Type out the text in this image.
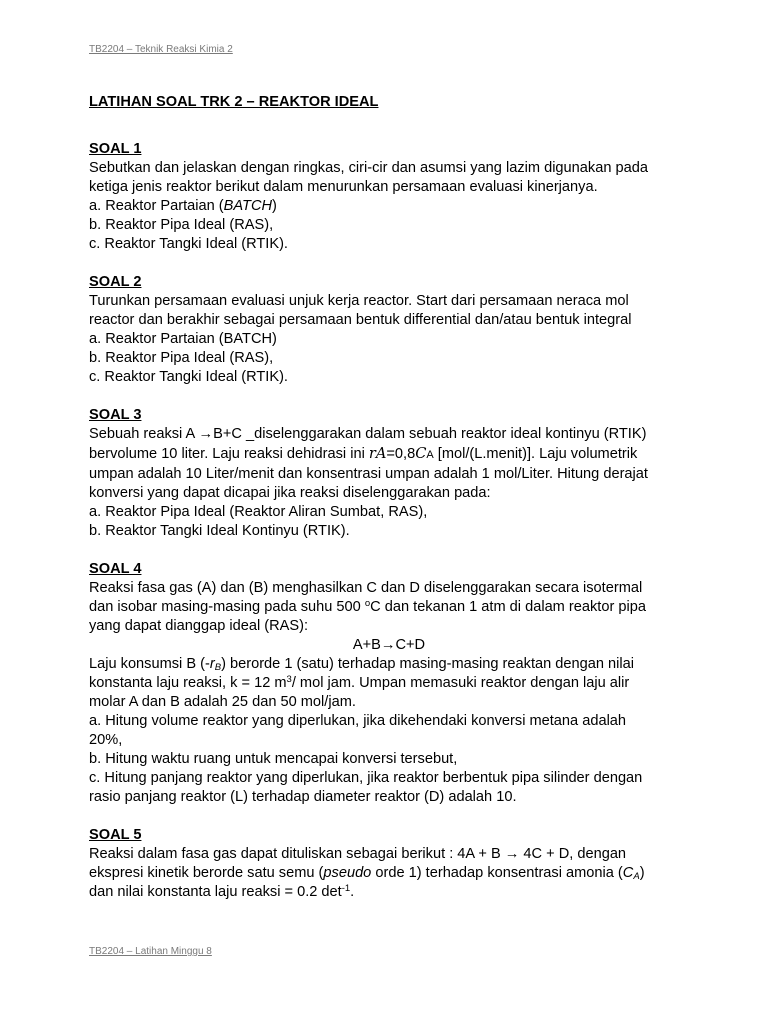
TB2204 – Teknik Reaksi Kimia 2
LATIHAN SOAL TRK 2 – REAKTOR IDEAL
SOAL 1
Sebutkan dan jelaskan dengan ringkas, ciri-cir dan asumsi yang lazim digunakan pada
ketiga jenis reaktor berikut dalam menurunkan persamaan evaluasi kinerjanya.
a. Reaktor Partaian (BATCH)
b. Reaktor Pipa Ideal (RAS),
c. Reaktor Tangki Ideal (RTIK).
SOAL 2
Turunkan persamaan evaluasi unjuk kerja reactor. Start dari persamaan neraca mol
reactor dan berakhir sebagai persamaan bentuk differential dan/atau bentuk integral
a. Reaktor Partaian (BATCH)
b. Reaktor Pipa Ideal (RAS),
c. Reaktor Tangki Ideal (RTIK).
SOAL 3
Sebuah reaksi A →B+C _diselenggarakan dalam sebuah reaktor ideal kontinyu (RTIK)
bervolume 10 liter. Laju reaksi dehidrasi ini rA=0,8CA [mol/(L.menit)]. Laju volumetrik
umpan adalah 10 Liter/menit dan konsentrasi umpan adalah 1 mol/Liter. Hitung derajat
konversi yang dapat dicapai jika reaksi diselenggarakan pada:
a. Reaktor Pipa Ideal (Reaktor Aliran Sumbat, RAS),
b. Reaktor Tangki Ideal Kontinyu (RTIK).
SOAL 4
Reaksi fasa gas (A) dan (B) menghasilkan C dan D diselenggarakan secara isotermal
dan isobar masing-masing pada suhu 500 $^o$C dan tekanan 1 atm di dalam reaktor pipa
yang dapat dianggap ideal (RAS):
A+B→C+D
Laju konsumsi B $(-r_B)$ berorde 1 (satu) terhadap masing-masing reaktan dengan nilai
konstanta laju reaksi, k = 12 $m^3/$ mol jam. Umpan memasuki reaktor dengan laju alir
molar A dan B adalah 25 dan 50 mol/jam.
a. Hitung volume reaktor yang diperlukan, jika dikehendaki konversi metana adalah
20%,
b. Hitung waktu ruang untuk mencapai konversi tersebut,
c. Hitung panjang reaktor yang diperlukan, jika reaktor berbentuk pipa silinder dengan
rasio panjang reaktor (L) terhadap diameter reaktor (D) adalah 10.
SOAL 5
Reaksi dalam fasa gas dapat dituliskan sebagai berikut : 4A + B → 4C + D, dengan
ekspresi kinetik berorde satu semu (pseudo orde 1) terhadap konsentrasi amonia $(C_A)$
dan nilai konstanta laju reaksi = 0.2 $\det^{-1}$.
TB2204 – Latihan Minggu 8
